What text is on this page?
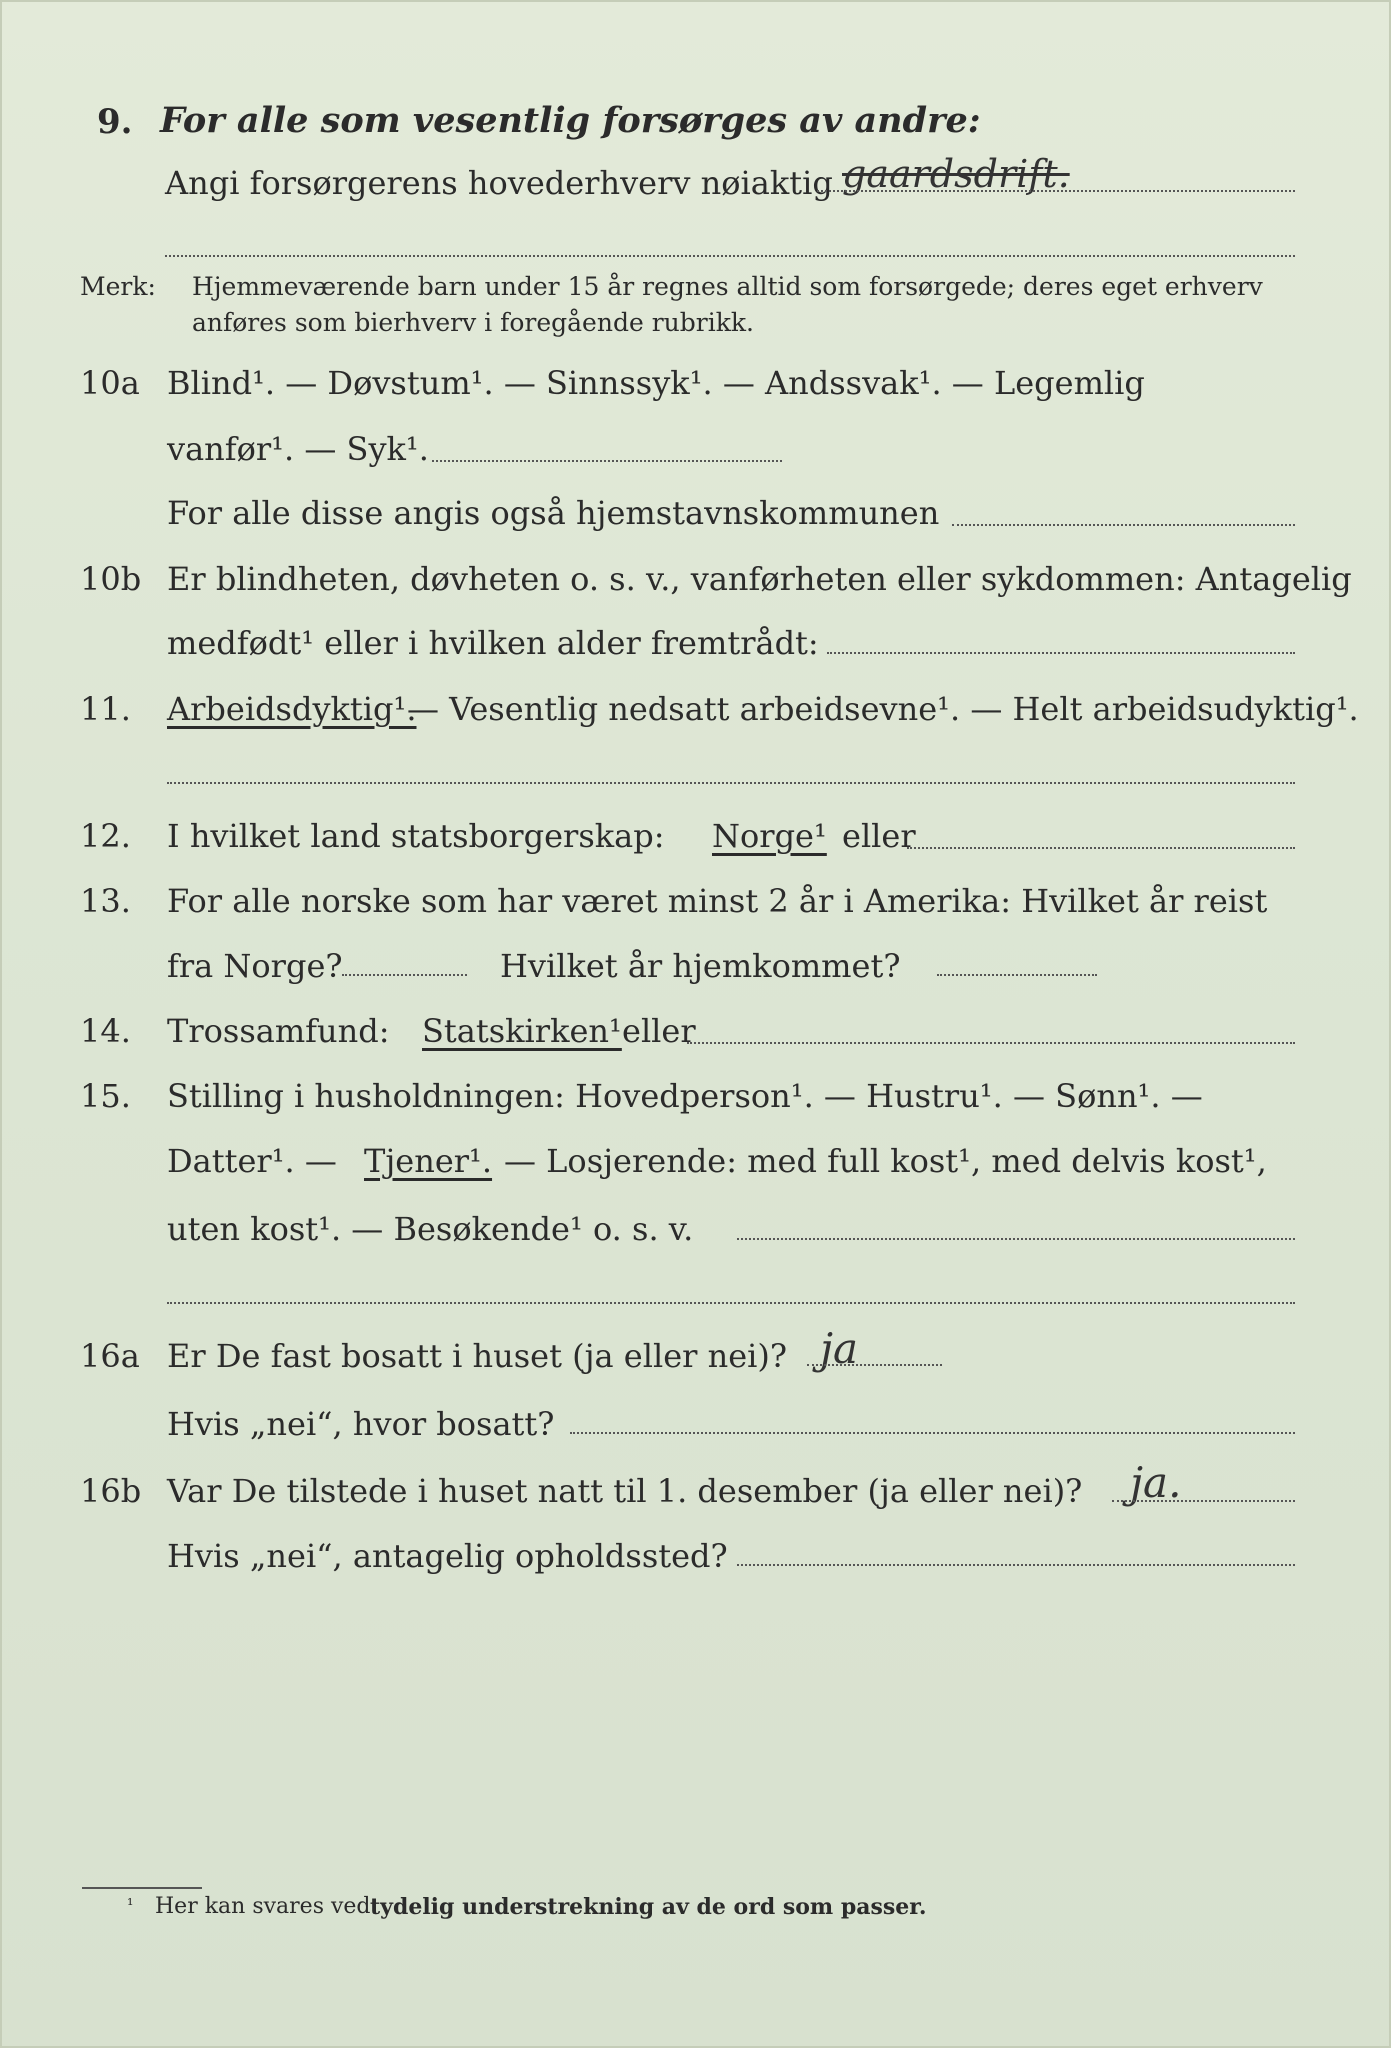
9. For alle som vesentlig forsørges av andre:
Angi forsørgerens hovederhverv nøiaktig gaardsdrift.
Merk: Hjemmeværende barn under 15 år regnes alltid som forsørgede; deres eget erhverv
anføres som bierhverv i foregående rubrikk.
10a Blind¹. — Døvstum¹. — Sinnssyk¹. — Andssvak¹. — Legemlig
vanfør¹. — Syk¹.
For alle disse angis også hjemstavnskommunen
10b Er blindheten, døvheten o. s. v., vanførheten eller sykdommen: Antagelig
medfødt¹ eller i hvilken alder fremtrådt:
11. Arbeidsdyktig¹.
— Vesentlig nedsatt arbeidsevne¹. — Helt arbeidsudyktig¹.
12. I hvilket land statsborgerskap: Norge¹ eller
13. For alle norske som har været minst 2 år i Amerika: Hvilket år reist
fra Norge?	Hvilket år hjemkommet?
14. Trossamfund: Statskirken¹ eller
15. Stilling i husholdningen: Hovedperson¹. — Hustru¹. — Sønn¹. —
Datter¹. — Tjener¹. — Losjerende: med full kost¹, med delvis kost¹,
uten kost¹. — Besøkende¹ o. s. v.
16a Er De fast bosatt i huset (ja eller nei)? ja
Hvis „nei“, hvor bosatt?
16b Var De tilstede i huset natt til 1. desember (ja eller nei)? ja.
Hvis „nei“, antagelig opholdssted?
¹ Her kan svares ved tydelig understrekning av de ord som passer.
